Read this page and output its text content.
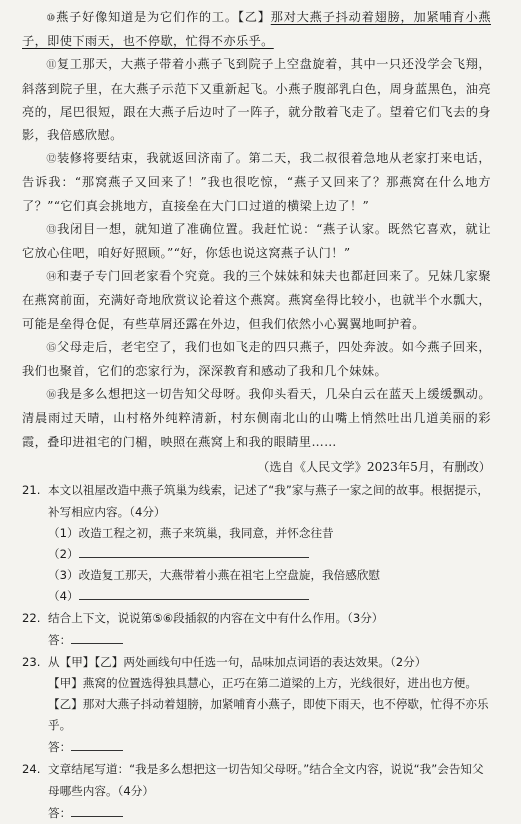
⑩燕子好像知道是为它们作的工。【乙】那对大燕子抖动着翅膀，加紧哺育小燕子，即使下雨天，也不停歇，忙得不亦乐乎。

⑪复工那天，大燕子带着小燕子飞到院子上空盘旋着，其中一只还没学会飞翔，斜落到院子里，在大燕子示范下又重新起飞。小燕子腹部乳白色，周身蓝黑色，油亮亮的，尾巴很短，跟在大燕子后边吋了一阵子，就分散着飞走了。望着它们飞去的身影，我倍感欣慰。

⑫装修将要结束，我就返回济南了。第二天，我二叔很着急地从老家打来电话，告诉我：“那窝燕子又回来了！”我也很吃惊，“燕子又回来了？那燕窝在什么地方了？”“它们真会挑地方，直接垒在大门口过道的横梁上边了！”

⑬我闭目一想，就知道了准确位置。我赶忙说：“燕子认家。既然它喜欢，就让它放心住吧，咱好好照顾。”“好，你恁也说这窝燕子认门！”

⑭和妻子专门回老家看个究竟。我的三个妹妹和妹夫也都赶回来了。兄妹几家聚在燕窝前面，充满好奇地欣赏议论着这个燕窝。燕窝垒得比较小，也就半个水瓢大，可能是垒得仓促，有些草屑还露在外边，但我们依然小心翼翼地呵护着。

⑮父母走后，老宅空了，我们也如飞走的四只燕子，四处奔波。如今燕子回来，我们也聚首，它们的恋家行为，深深教育和感动了我和几个妹妹。

⑯我是多么想把这一切告知父母呀。我仰头看天，几朵白云在蓝天上缓缓飘动。清晨雨过天晴，山村格外纯粹清新，村东侧南北山的山嘴上悄然吐出几道美丽的彩霞，叠印进祖宅的门楣，映照在燕窝上和我的眼睛里……

（选自《人民文学》2023年5月，有删改）

21. 本文以祖屋改造中燕子筑巢为线索，记述了“我”家与燕子一家之间的故事。根据提示，补写相应内容。（4分）
（1）改造工程之初，燕子来筑巢，我同意，并怀念往昔
（2）
（3）改造复工那天，大燕带着小燕在祖宅上空盘旋，我倍感欣慰
（4）
22. 结合上下文，说说第⑤⑥段插叙的内容在文中有什么作用。（3分）
答：
23. 从【甲】【乙】两处画线句中任选一句，品味加点词语的表达效果。（2分）
【甲】燕窝的位置选得独具慧心，正巧在第二道梁的上方，光线很好，进出也方便。
【乙】那对大燕子抖动着翅膀，加紧哺育小燕子，即使下雨天，也不停歇，忙得不亦乐乎。
答：
24. 文章结尾写道：“我是多么想把这一切告知父母呀。”结合全文内容，说说“我”会告知父母哪些内容。（4分）
答：
